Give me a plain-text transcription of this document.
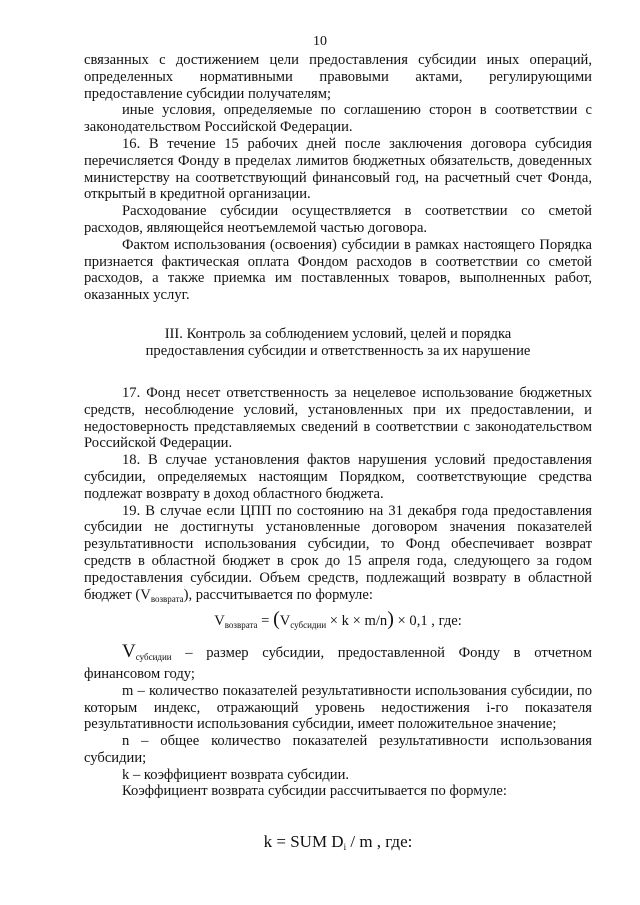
10

связанных с достижением цели предоставления субсидии иных операций, определенных нормативными правовыми актами, регулирующими предоставление субсидии получателям;

иные условия, определяемые по соглашению сторон в соответствии с законодательством Российской Федерации.

16. В течение 15 рабочих дней после заключения договора субсидия перечисляется Фонду в пределах лимитов бюджетных обязательств, доведенных министерству на соответствующий финансовый год, на расчетный счет Фонда, открытый в кредитной организации.

Расходование субсидии осуществляется в соответствии со сметой расходов, являющейся неотъемлемой частью договора.

Фактом использования (освоения) субсидии в рамках настоящего Порядка признается фактическая оплата Фондом расходов в соответствии со сметой расходов, а также приемка им поставленных товаров, выполненных работ, оказанных услуг.

III. Контроль за соблюдением условий, целей и порядка
предоставления субсидии и ответственность за их нарушение

17. Фонд несет ответственность за нецелевое использование бюджетных средств, несоблюдение условий, установленных при их предоставлении, и недостоверность представляемых сведений в соответствии с законодательством Российской Федерации.

18. В случае установления фактов нарушения условий предоставления субсидии, определяемых настоящим Порядком, соответствующие средства подлежат возврату в доход областного бюджета.

19. В случае если ЦПП по состоянию на 31 декабря года предоставления субсидии не достигнуты установленные договором значения показателей результативности использования субсидии, то Фонд обеспечивает возврат средств в областной бюджет в срок до 15 апреля года, следующего за годом предоставления субсидии. Объем средств, подлежащий возврату в областной бюджет $(V_{возврата})$, рассчитывается по формуле:

$V_{возврата} = (V_{субсидии} \times k \times m/n) \times 0,1$ , где:

$V_{субсидии}$ – размер субсидии, предоставленной Фонду в отчетном финансовом году;

m – количество показателей результативности использования субсидии, по которым индекс, отражающий уровень недостижения i-го показателя результативности использования субсидии, имеет положительное значение;

n – общее количество показателей результативности использования субсидии;

k – коэффициент возврата субсидии.

Коэффициент возврата субсидии рассчитывается по формуле:

k = SUM $D_i$ / m , где:
